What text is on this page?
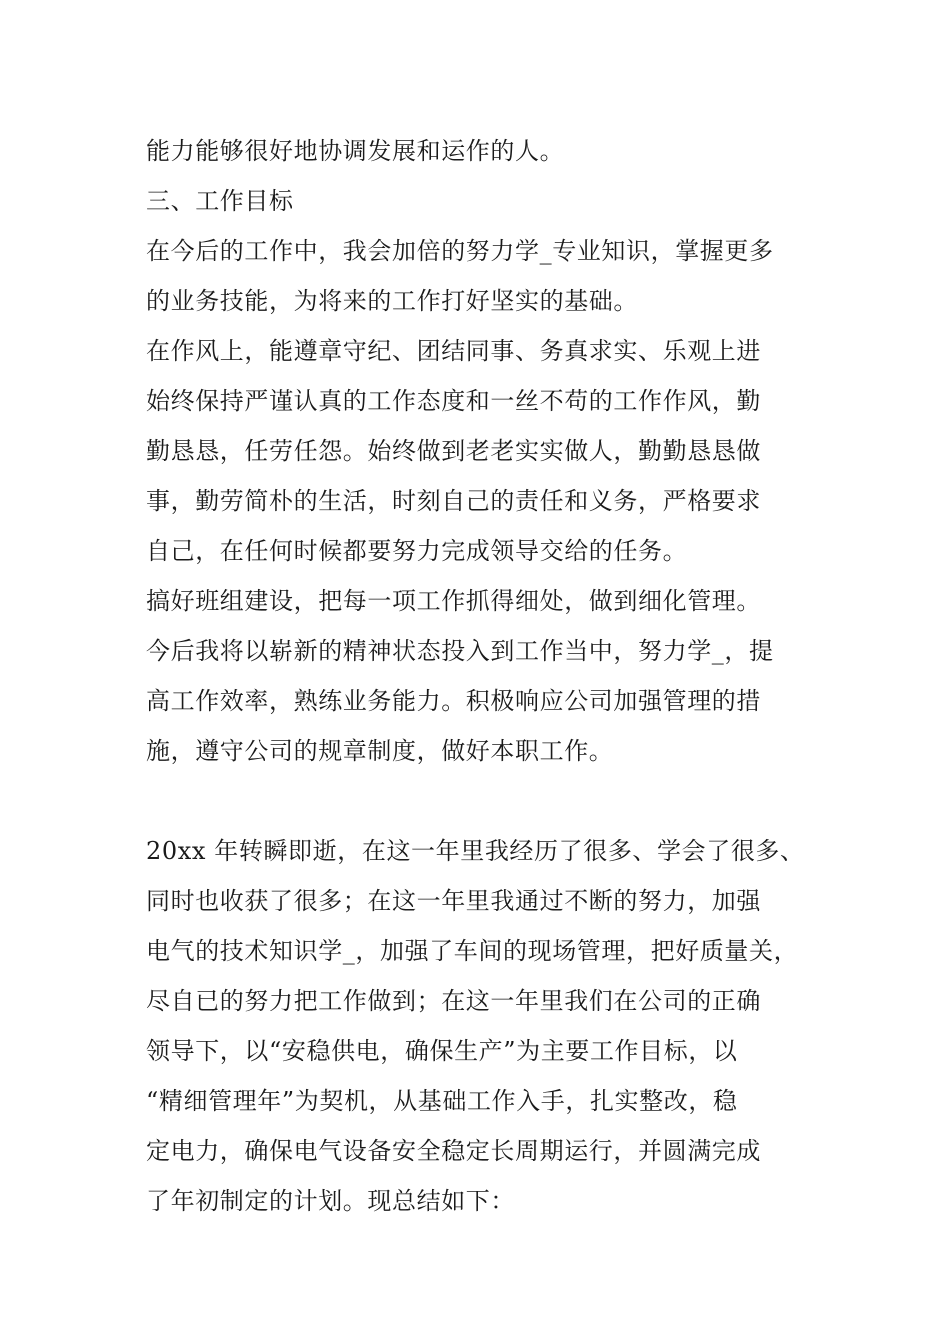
能力能够很好地协调发展和运作的人。
三、工作目标
在今后的工作中，我会加倍的努力学_专业知识，掌握更多
的业务技能，为将来的工作打好坚实的基础。
在作风上，能遵章守纪、团结同事、务真求实、乐观上进
始终保持严谨认真的工作态度和一丝不苟的工作作风，勤
勤恳恳，任劳任怨。始终做到老老实实做人，勤勤恳恳做
事，勤劳简朴的生活，时刻自己的责任和义务，严格要求
自己，在任何时候都要努力完成领导交给的任务。
搞好班组建设，把每一项工作抓得细处，做到细化管理。
今后我将以崭新的精神状态投入到工作当中，努力学_，提
高工作效率，熟练业务能力。积极响应公司加强管理的措
施，遵守公司的规章制度，做好本职工作。
20xx 年转瞬即逝，在这一年里我经历了很多、学会了很多、
同时也收获了很多；在这一年里我通过不断的努力，加强
电气的技术知识学_，加强了车间的现场管理，把好质量关，
尽自已的努力把工作做到；在这一年里我们在公司的正确
领导下，以“安稳供电，确保生产”为主要工作目标，以
“精细管理年”为契机，从基础工作入手，扎实整改，稳
定电力，确保电气设备安全稳定长周期运行，并圆满完成
了年初制定的计划。现总结如下：
